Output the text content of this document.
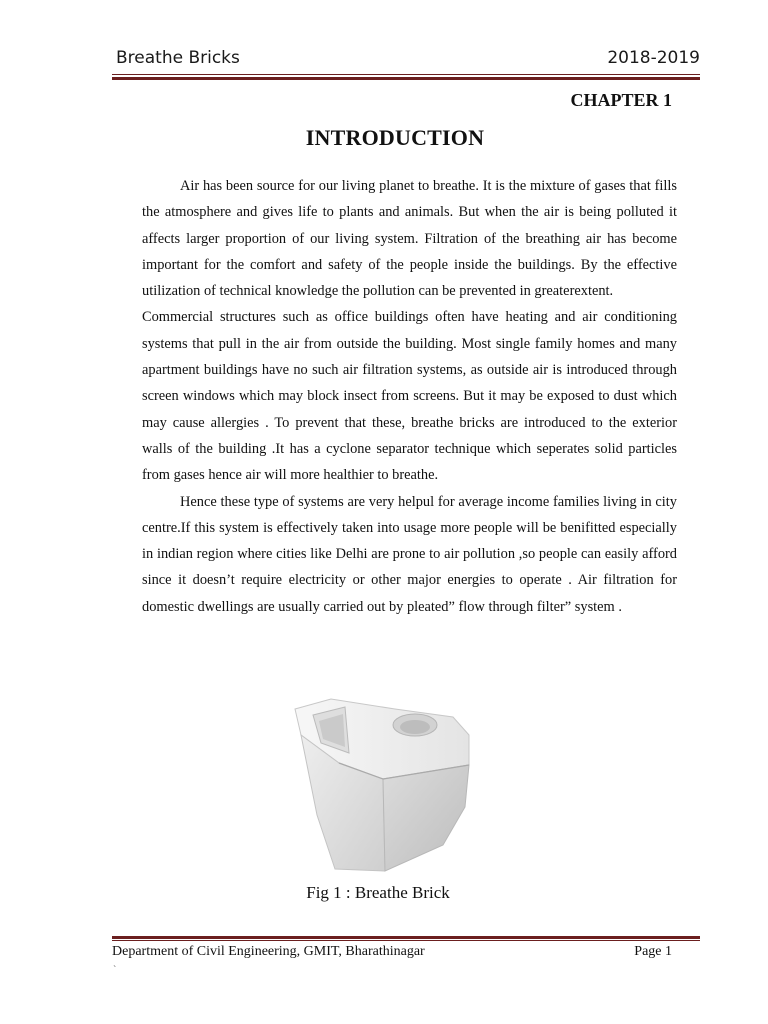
Breathe Bricks	2018-2019
CHAPTER 1
INTRODUCTION

Air has been source for our living planet to breathe. It is the mixture of gases that fills the atmosphere and gives life to plants and animals. But when the air is being polluted it affects larger proportion of our living system. Filtration of the breathing air has become important for the comfort and safety of the people inside the buildings. By the effective utilization of technical knowledge the pollution can be prevented in greaterextent.

Commercial structures such as office buildings often have heating and air conditioning systems that pull in the air from outside the building. Most single family homes and many apartment buildings have no such air filtration systems, as outside air is introduced through screen windows which may block insect from screens. But it may be exposed to dust which may cause allergies . To prevent that these, breathe bricks are introduced to the exterior walls of the building .It has a cyclone separator technique which seperates solid particles from gases hence air will more healthier to breathe.

Hence these type of systems are very helpul for average income families living in city centre.If this system is effectively taken into usage more people will be benifitted especially in indian region where cities like Delhi are prone to air pollution ,so people can easily afford since it doesn’t require electricity or other major energies to operate . Air filtration for domestic dwellings are usually carried out by pleated” flow through filter” system .

Fig 1 : Breathe Brick
Department of Civil Engineering, GMIT, Bharathinagar	Page 1
`
